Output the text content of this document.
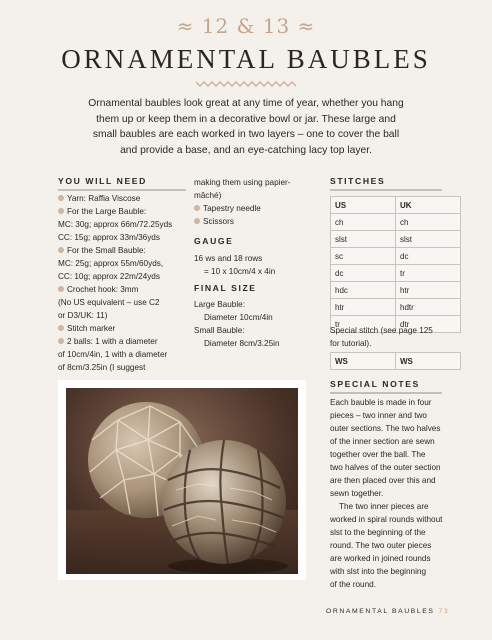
≈ 12 & 13 ≈
ORNAMENTAL BAUBLES
Ornamental baubles look great at any time of year, whether you hang them up or keep them in a decorative bowl or jar. These large and small baubles are each worked in two layers – one to cover the ball and provide a base, and an eye-catching lacy top layer.
YOU WILL NEED
Yarn: Raffia Viscose
For the Large Bauble:
MC: 30g; approx 66m/72.25yds
CC: 15g; approx 33m/36yds
For the Small Bauble:
MC: 25g; approx 55m/60yds,
CC: 10g; approx 22m/24yds
Crochet hook: 3mm
(No US equivalent – use C2
or D3/UK: 11)
Stitch marker
2 balls: 1 with a diameter
of 10cm/4in, 1 with a diameter
of 8cm/3.25in (I suggest
making them using papier-
mâché)
Tapestry needle
Scissors
GAUGE
16 ws and 18 rows
= 10 x 10cm/4 x 4in
FINAL SIZE
Large Bauble:
Diameter 10cm/4in
Small Bauble:
Diameter 8cm/3.25in
STITCHES
US	UK
ch	ch
slst	slst
sc	dc
dc	tr
hdc	htr
htr	hdtr
tr	dtr
Special stitch (see page 125
for tutorial).
WS	WS
SPECIAL NOTES
Each bauble is made in four
pieces – two inner and two
outer sections. The two halves
of the inner section are sewn
together over the ball. The
two halves of the outer section
are then placed over this and
sewn together.
The two inner pieces are
worked in spiral rounds without
slst to the beginning of the
round. The two outer pieces
are worked in joined rounds
with slst into the beginning
of the round.
ORNAMENTAL BAUBLES 73
